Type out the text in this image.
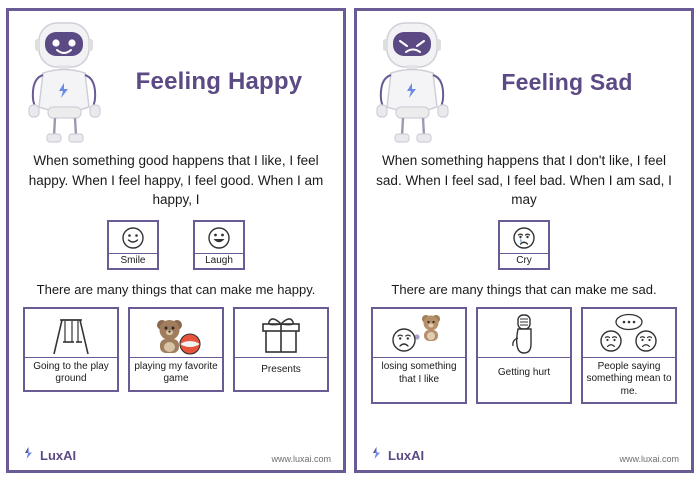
Feeling Happy
When something good happens that I like, I feel happy. When I feel happy, I feel good. When I am happy, I
Smile	Laugh
There are many things that can make me happy.
Going to the play ground
playing my favorite game
Presents
LuxAI	www.luxai.com
Feeling Sad
When something happens that I don't like, I feel sad. When I feel sad, I feel bad. When I am sad, I may
Cry
There are many things that can make me sad.
losing something that I like
Getting hurt
People saying something mean to me.
LuxAI	www.luxai.com
